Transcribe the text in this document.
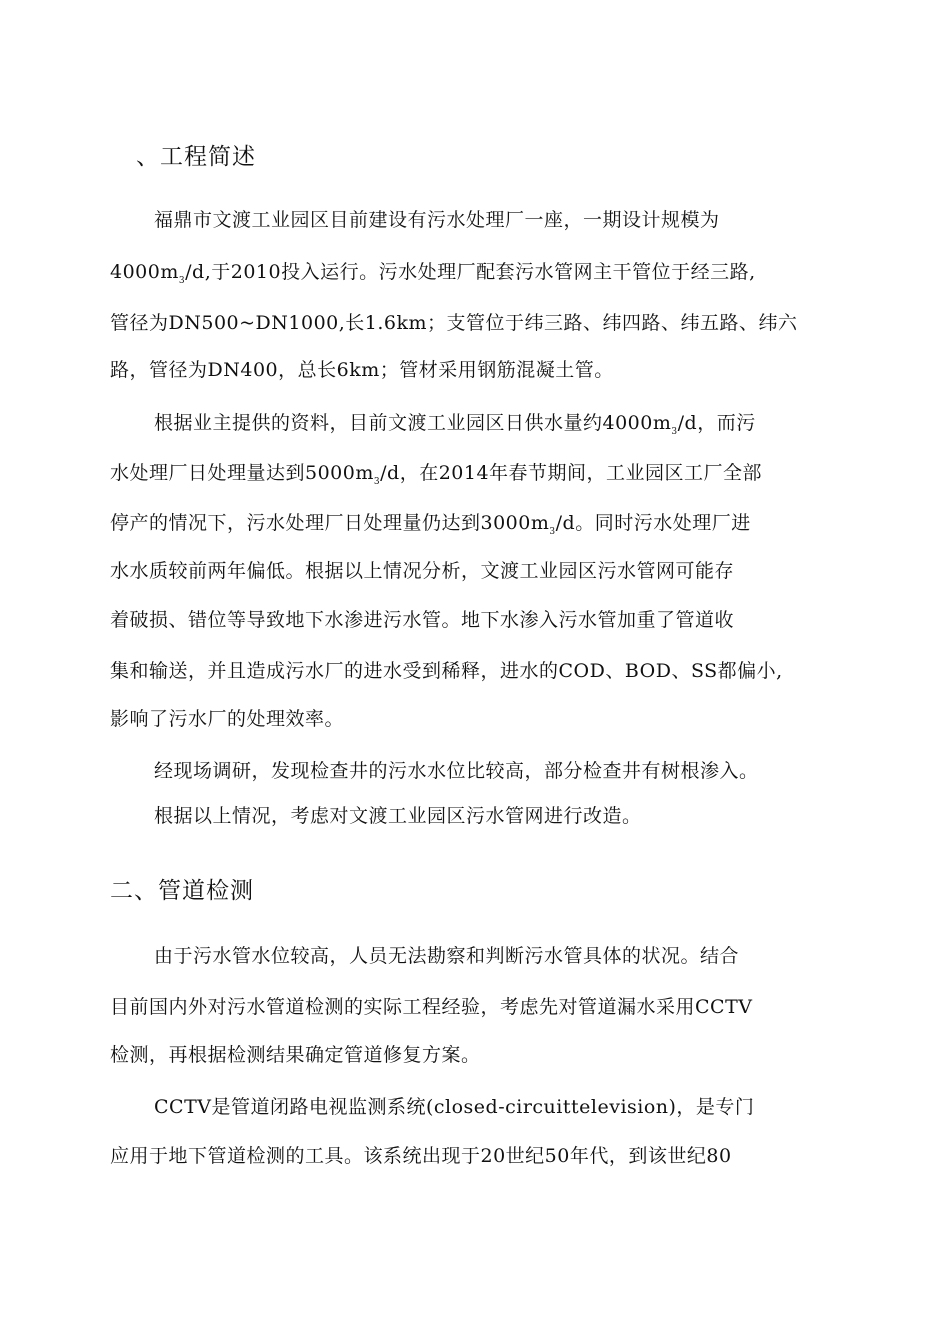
、工程简述
福鼎市文渡工业园区目前建设有污水处理厂一座，一期设计规模为
$4000m_3/d$,于2010投入运行。污水处理厂配套污水管网主干管位于经三路,
管径为DN500~DN1000,长1.6km；支管位于纬三路、纬四路、纬五路、纬六
路，管径为DN400，总长6km；管材采用钢筋混凝土管。
根据业主提供的资料，目前文渡工业园区日供水量约$4000m_3/d$，而污
水处理厂日处理量达到$5000m_3/d$，在2014年春节期间，工业园区工厂全部
停产的情况下，污水处理厂日处理量仍达到$3000m_3/d$。同时污水处理厂进
水水质较前两年偏低。根据以上情况分析，文渡工业园区污水管网可能存
着破损、错位等导致地下水渗进污水管。地下水渗入污水管加重了管道收
集和输送，并且造成污水厂的进水受到稀释，进水的COD、BOD、SS都偏小,
影响了污水厂的处理效率。
经现场调研，发现检查井的污水水位比较高，部分检查井有树根渗入。
根据以上情况，考虑对文渡工业园区污水管网进行改造。
二、管道检测
由于污水管水位较高，人员无法勘察和判断污水管具体的状况。结合
目前国内外对污水管道检测的实际工程经验，考虑先对管道漏水采用CCTV
检测，再根据检测结果确定管道修复方案。
CCTV是管道闭路电视监测系统(closed-circuittelevision)，是专门
应用于地下管道检测的工具。该系统出现于20世纪50年代，到该世纪80
